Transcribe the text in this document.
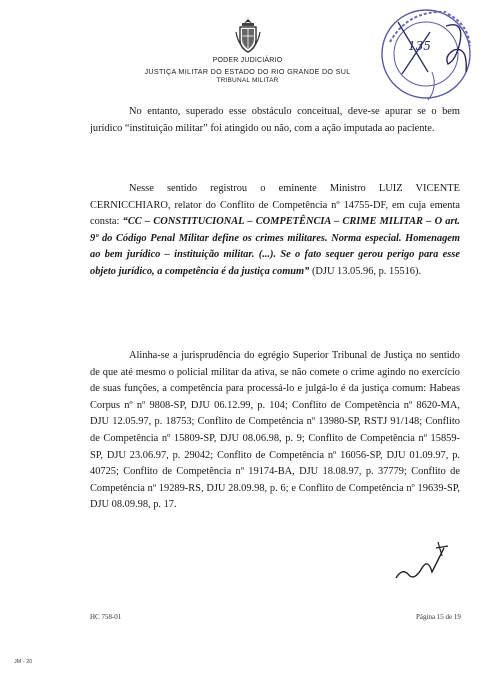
PODER JUDICIÁRIO
JUSTIÇA MILITAR DO ESTADO DO RIO GRANDE DO SUL
TRIBUNAL MILITAR
135

No entanto, superado esse obstáculo conceitual, deve-se apurar se o bem jurídico “instituição militar” foi atingido ou não, com a ação imputada ao paciente.

Nesse sentido registrou o eminente Ministro LUIZ VICENTE CERNICCHIARO, relator do Conflito de Competência nº 14755-DF, em cuja ementa consta: “CC – CONSTITUCIONAL – COMPETÊNCIA – CRIME MILITAR – O art. 9º do Código Penal Militar define os crimes militares. Norma especial. Homenagem ao bem jurídico – instituição militar. (...). Se o fato sequer gerou perigo para esse objeto jurídico, a competência é da justiça comum” (DJU 13.05.96, p. 15516).

Alinha-se a jurisprudência do egrégio Superior Tribunal de Justiça no sentido de que até mesmo o policial militar da ativa, se não comete o crime agindo no exercício de suas funções, a competência para processá-lo e julgá-lo é da justiça comum: Habeas Corpus nº nº 9808-SP, DJU 06.12.99, p. 104; Conflito de Competência nº 8620-MA, DJU 12.05.97, p. 18753; Conflito de Competência nº 13980-SP, RSTJ 91/148; Conflito de Competência nº 15809-SP, DJU 08.06.98, p. 9; Conflito de Competência nº 15859-SP, DJU 23.06.97, p. 29042; Conflito de Competência nº 16056-SP, DJU 01.09.97, p. 40725; Conflito de Competência nº 19174-BA, DJU 18.08.97, p. 37779; Conflito de Competência nº 19289-RS, DJU 28.09.98, p. 6; e Conflito de Competência nº 19639-SP, DJU 08.09.98, p. 17.

HC 758-01	Página 15 de 19
JM - 20
